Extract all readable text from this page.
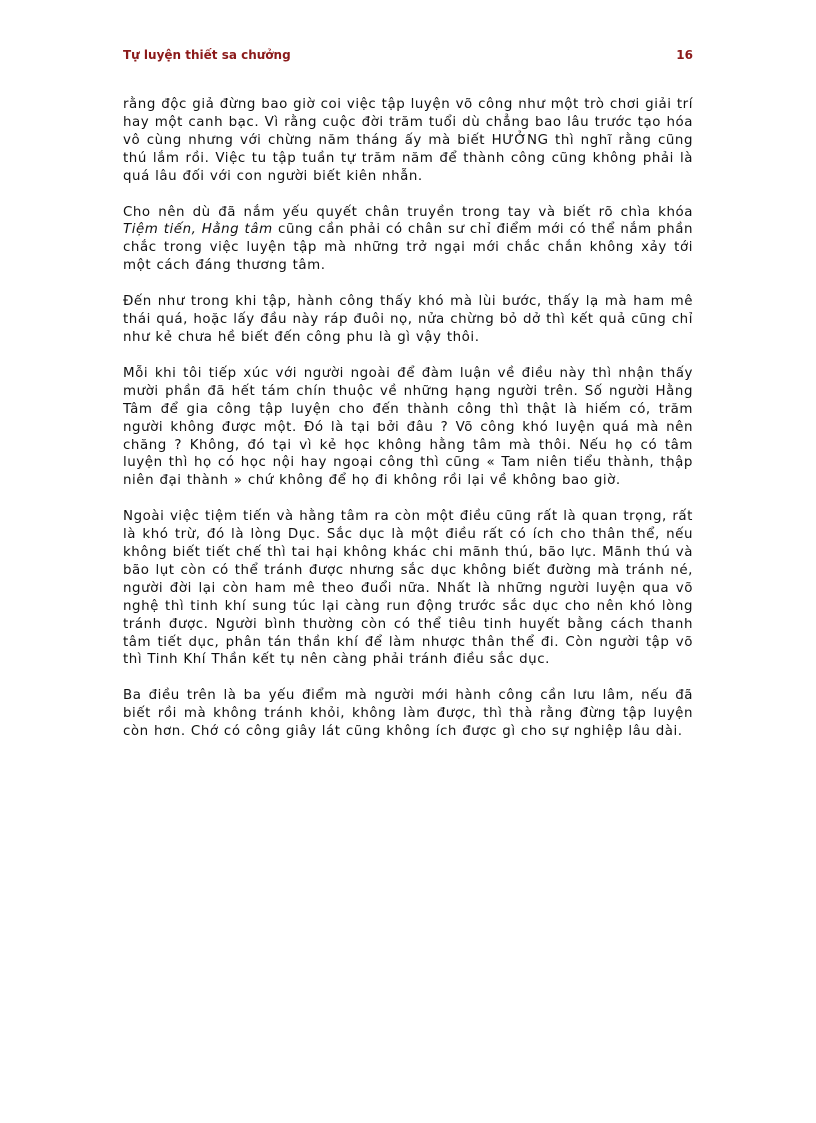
Tự luyện thiết sa chưởng	16

rằng độc giả đừng bao giờ coi việc tập luyện võ công như một trò chơi giải trí hay một canh bạc. Vì rằng cuộc đời trăm tuổi dù chẳng bao lâu trước tạo hóa vô cùng nhưng với chừng năm tháng ấy mà biết HƯỞNG thì nghĩ rằng cũng thú lắm rồi. Việc tu tập tuần tự trăm năm để thành công cũng không phải là quá lâu đối với con người biết kiên nhẫn.

Cho nên dù đã nắm yếu quyết chân truyền trong tay và biết rõ chìa khóa Tiệm tiến, Hằng tâm cũng cần phải có chân sư chỉ điểm mới có thể nắm phần chắc trong việc luyện tập mà những trở ngại mới chắc chắn không xảy tới một cách đáng thương tâm.

Đến như trong khi tập, hành công thấy khó mà lùi bước, thấy lạ mà ham mê thái quá, hoặc lấy đầu này ráp đuôi nọ, nửa chừng bỏ dở thì kết quả cũng chỉ như kẻ chưa hề biết đến công phu là gì vậy thôi.

Mỗi khi tôi tiếp xúc với người ngoài để đàm luận về điều này thì nhận thấy mười phần đã hết tám chín thuộc về những hạng người trên. Số người Hằng Tâm để gia công tập luyện cho đến thành công thì thật là hiếm có, trăm người không được một. Đó là tại bởi đâu ? Võ công khó luyện quá mà nên chăng ? Không, đó tại vì kẻ học không hằng tâm mà thôi. Nếu họ có tâm luyện thì họ có học nội hay ngoại công thì cũng « Tam niên tiểu thành, thập niên đại thành » chứ không để họ đi không rồi lại về không bao giờ.

Ngoài việc tiệm tiến và hằng tâm ra còn một điều cũng rất là quan trọng, rất là khó trừ, đó là lòng Dục. Sắc dục là một điều rất có ích cho thân thể, nếu không biết tiết chế thì tai hại không khác chi mãnh thú, bão lực. Mãnh thú và bão lụt còn có thể tránh được nhưng sắc dục không biết đường mà tránh né, người đời lại còn ham mê theo đuổi nữa. Nhất là những người luyện qua võ nghệ thì tinh khí sung túc lại càng run động trước sắc dục cho nên khó lòng tránh được. Người bình thường còn có thể tiêu tinh huyết bằng cách thanh tâm tiết dục, phân tán thần khí để làm nhược thân thể đi. Còn người tập võ thì Tinh Khí Thần kết tụ nên càng phải tránh điều sắc dục.

Ba điều trên là ba yếu điểm mà người mới hành công cần lưu lâm, nếu đã biết rồi mà không tránh khỏi, không làm được, thì thà rằng đừng tập luyện còn hơn. Chớ có công giây lát cũng không ích được gì cho sự nghiệp lâu dài.
